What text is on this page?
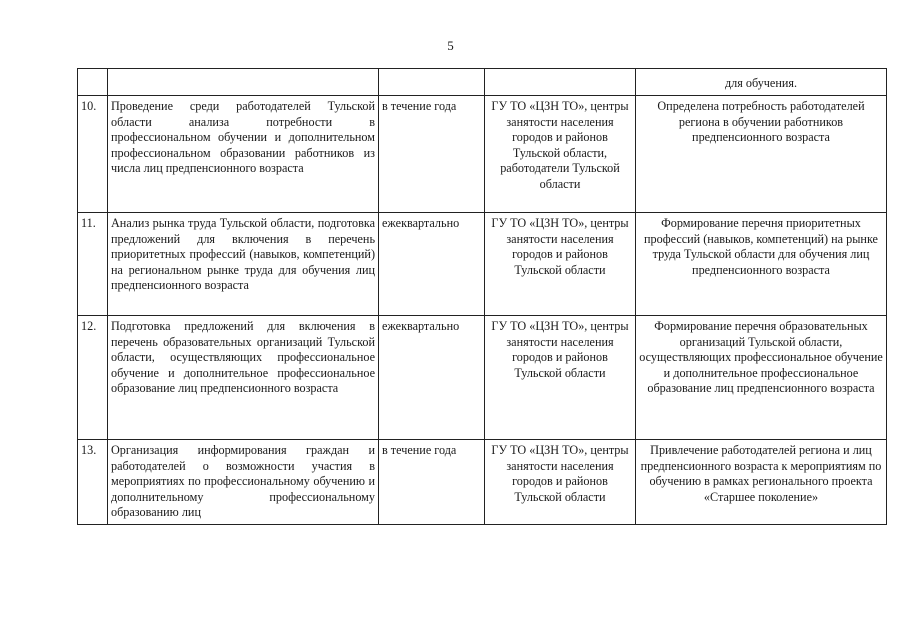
5
				для обучения.
10.	Проведение среди работодателей Тульской области анализа потребности в профессиональном обучении и дополнительном профессиональном образовании работников из числа лиц предпенсионного возраста	в течение года	ГУ ТО «ЦЗН ТО», центры занятости населения городов и районов Тульской области, работодатели Тульской области	Определена потребность работодателей региона в обучении работников предпенсионного возраста
11.	Анализ рынка труда Тульской области, подготовка предложений для включения в перечень приоритетных профессий (навыков, компетенций) на региональном рынке труда для обучения лиц предпенсионного возраста	ежеквартально	ГУ ТО «ЦЗН ТО», центры занятости населения городов и районов Тульской области	Формирование перечня приоритетных профессий (навыков, компетенций) на рынке труда Тульской области для обучения лиц предпенсионного возраста
12.	Подготовка предложений для включения в перечень образовательных организаций Тульской области, осуществляющих профессиональное обучение и дополнительное профессиональное образование лиц предпенсионного возраста	ежеквартально	ГУ ТО «ЦЗН ТО», центры занятости населения городов и районов Тульской области	Формирование перечня образовательных организаций Тульской области, осуществляющих профессиональное обучение и дополнительное профессиональное образование лиц предпенсионного возраста
13.	Организация информирования граждан и работодателей о возможности участия в мероприятиях по профессиональному обучению и дополнительному профессиональному образованию лиц	в течение года	ГУ ТО «ЦЗН ТО», центры занятости населения городов и районов Тульской области	Привлечение работодателей региона и лиц предпенсионного возраста к мероприятиям по обучению в рамках регионального проекта «Старшее поколение»
